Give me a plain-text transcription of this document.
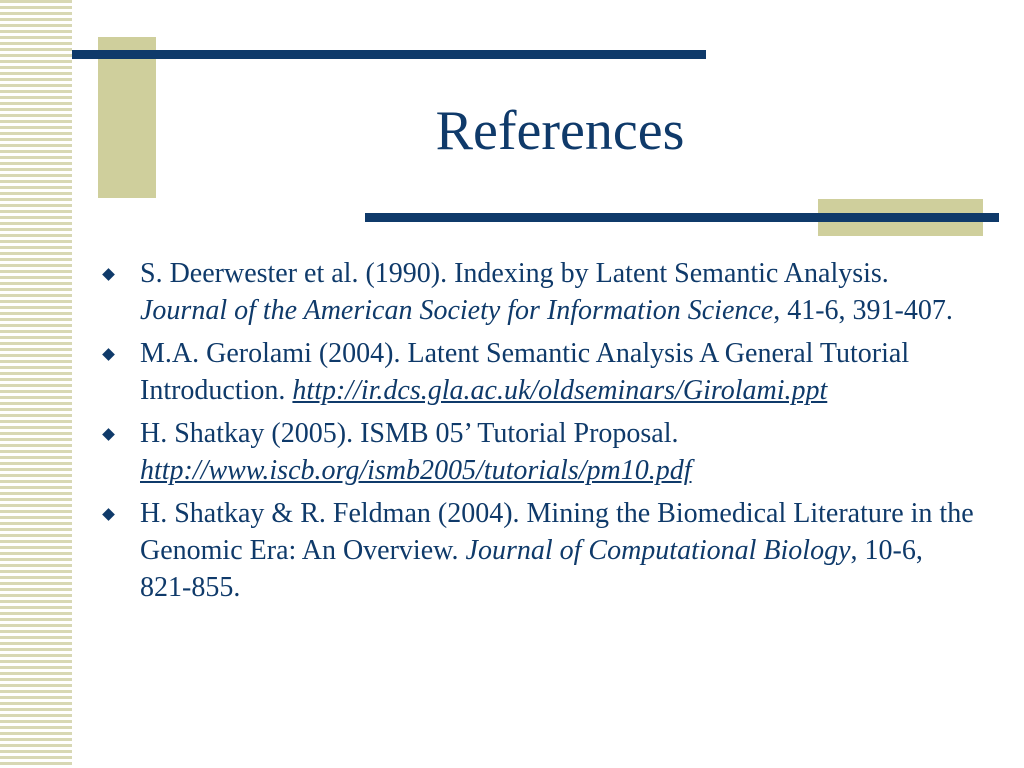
References
S. Deerwester et al. (1990). Indexing by Latent Semantic Analysis. Journal of the American Society for Information Science, 41-6, 391-407.
M.A. Gerolami (2004). Latent Semantic Analysis A General Tutorial Introduction. http://ir.dcs.gla.ac.uk/oldseminars/Girolami.ppt
H. Shatkay (2005). ISMB 05’ Tutorial Proposal. http://www.iscb.org/ismb2005/tutorials/pm10.pdf
H. Shatkay & R. Feldman (2004). Mining the Biomedical Literature in the Genomic Era: An Overview. Journal of Computational Biology, 10-6, 821-855.
